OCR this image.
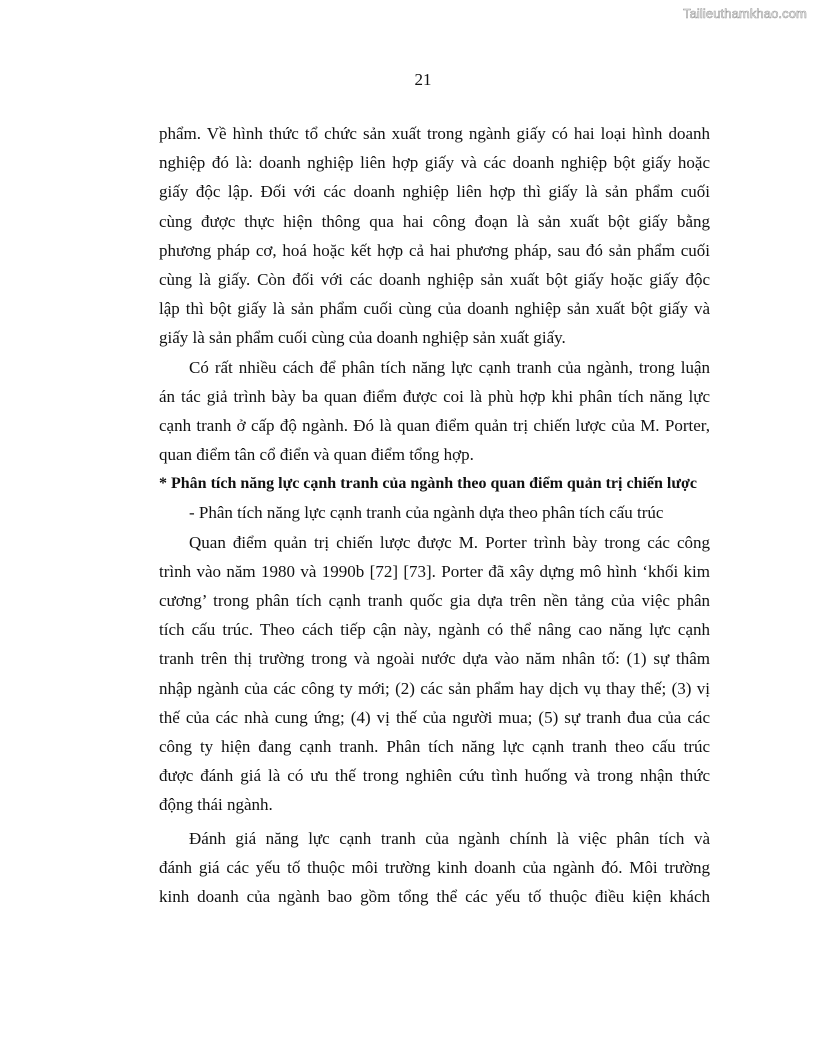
Tailieuthamkhao.com
21
phẩm. Về hình thức tổ chức sản xuất trong ngành giấy có hai loại hình doanh
nghiệp đó là: doanh nghiệp liên hợp giấy và các doanh nghiệp bột giấy hoặc
giấy độc lập. Đối với các doanh nghiệp liên hợp thì giấy là sản phẩm cuối
cùng được thực hiện thông qua hai công đoạn là sản xuất bột giấy bằng
phương pháp cơ, hoá hoặc kết hợp cả hai phương pháp, sau đó sản phẩm cuối
cùng là giấy. Còn đối với các doanh nghiệp sản xuất bột giấy hoặc giấy độc
lập thì bột giấy là sản phẩm cuối cùng của doanh nghiệp sản xuất bột giấy và
giấy là sản phẩm cuối cùng của doanh nghiệp sản xuất giấy.
Có rất nhiều cách để phân tích năng lực cạnh tranh của ngành, trong luận
án tác giả trình bày ba quan điểm được coi là phù hợp khi phân tích năng lực
cạnh tranh ở cấp độ ngành. Đó là quan điểm quản trị chiến lược của M. Porter,
quan điểm tân cổ điển và quan điểm tổng hợp.

* Phân tích năng lực cạnh tranh của ngành theo quan điểm quản trị chiến lược

- Phân tích năng lực cạnh tranh của ngành dựa theo phân tích cấu trúc

Quan điểm quản trị chiến lược được M. Porter trình bày trong các công
trình vào năm 1980 và 1990b [72] [73]. Porter đã xây dựng mô hình ‘khối kim
cương’ trong phân tích cạnh tranh quốc gia dựa trên nền tảng của việc phân
tích cấu trúc. Theo cách tiếp cận này, ngành có thể nâng cao năng lực cạnh
tranh trên thị trường trong và ngoài nước dựa vào năm nhân tố: (1) sự thâm
nhập ngành của các công ty mới; (2) các sản phẩm hay dịch vụ thay thế; (3) vị
thế của các nhà cung ứng; (4) vị thế của người mua; (5) sự tranh đua của các
công ty hiện đang cạnh tranh. Phân tích năng lực cạnh tranh theo cấu trúc
được đánh giá là có ưu thế trong nghiên cứu tình huống và trong nhận thức
động thái ngành.
Đánh giá năng lực cạnh tranh của ngành chính là việc phân tích và
đánh giá các yếu tố thuộc môi trường kinh doanh của ngành đó. Môi trường
kinh doanh của ngành bao gồm tổng thể các yếu tố thuộc điều kiện khách
